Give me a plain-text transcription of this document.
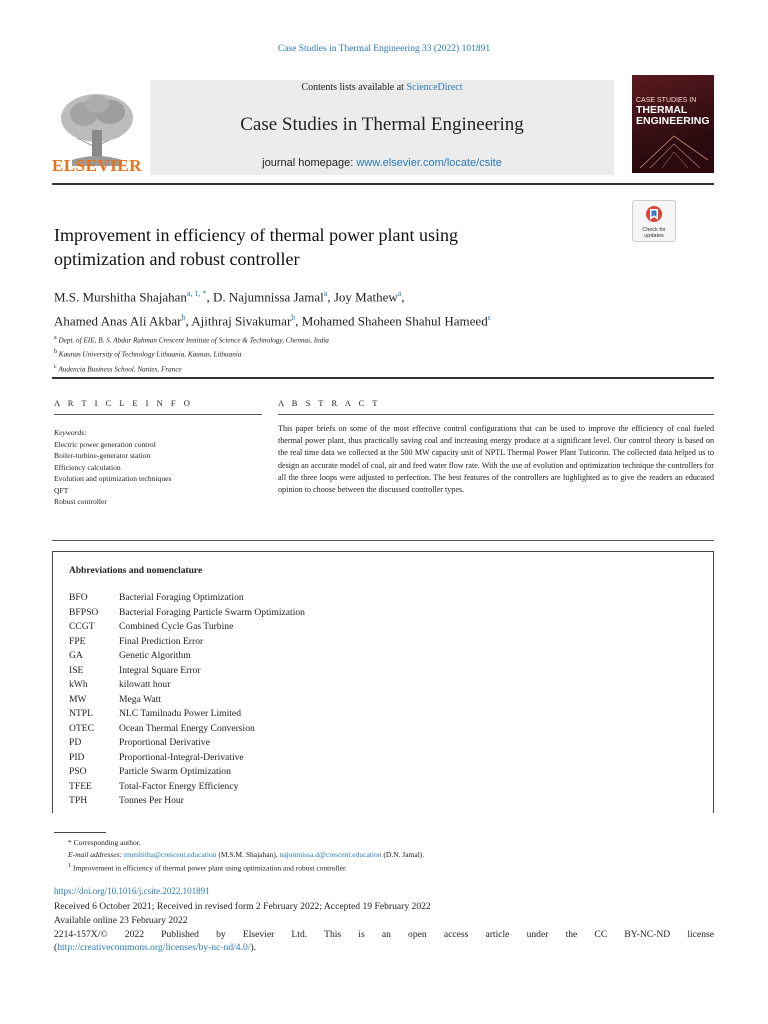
Case Studies in Thermal Engineering 33 (2022) 101891
ELSEVIER
Contents lists available at ScienceDirect
Case Studies in Thermal Engineering
journal homepage: www.elsevier.com/locate/csite
CASE STUDIES IN
THERMAL
ENGINEERING
Check for updates
Improvement in efficiency of thermal power plant using
optimization and robust controller
M.S. Murshitha Shajahan$^{a, 1, *}$, D. Najumnissa Jamal$^a$, Joy Mathew$^a$,
Ahamed Anas Ali Akbar$^b$, Ajithraj Sivakumar$^b$, Mohamed Shaheen Shahul Hameed$^c$
$^a$ Dept. of EIE, B. S. Abdur Rahman Crescent Institute of Science & Technology, Chennai, India
$^b$ Kaunas University of Technology Lithuania, Kaunas, Lithuania
$^c$ Audencia Business School, Nantes, France
A R T I C L E I N F O	A B S T R A C T
Keywords:
Electric power generation control
Boiler-turbine-generator station
Efficiency calculation
Evolution and optimization techniques
QFT
Robust controller
This paper briefs on some of the most effective control configurations that can be used to improve the efficiency of coal fueled thermal power plant, thus practically saving coal and increasing energy produce at a significant level. Our control theory is based on the real time data we collected at the 500 MW capacity unit of NPTL Thermal Power Plant Tuticorin. The collected data helped us to design an accurate model of coal, air and feed water flow rate. With the use of evolution and optimization technique the controllers for all the three loops were adjusted to perfection. The best features of the controllers are highlighted as to give the readers an educated opinion to choose between the discussed controller types.
Abbreviations and nomenclature
BFO	Bacterial Foraging Optimization
BFPSO	Bacterial Foraging Particle Swarm Optimization
CCGT	Combined Cycle Gas Turbine
FPE	Final Prediction Error
GA	Genetic Algorithm
ISE	Integral Square Error
kWh	kilowatt hour
MW	Mega Watt
NTPL	NLC Tamilnadu Power Limited
OTEC	Ocean Thermal Energy Conversion
PD	Proportional Derivative
PID	Proportional-Integral-Derivative
PSO	Particle Swarm Optimization
TFEE	Total-Factor Energy Efficiency
TPH	Tonnes Per Hour
* Corresponding author.
E-mail addresses: murshitha@crescent.education (M.S.M. Shajahan), najumnissa.d@crescent.education (D.N. Jamal).
$^1$ Improvement in efficiency of thermal power plant using optimization and robust controller.
https://doi.org/10.1016/j.csite.2022.101891
Received 6 October 2021; Received in revised form 2 February 2022; Accepted 19 February 2022
Available online 23 February 2022
2214-157X/© 2022 Published by Elsevier Ltd. This is an open access article under the CC BY-NC-ND license
(http://creativecommons.org/licenses/by-nc-nd/4.0/).
